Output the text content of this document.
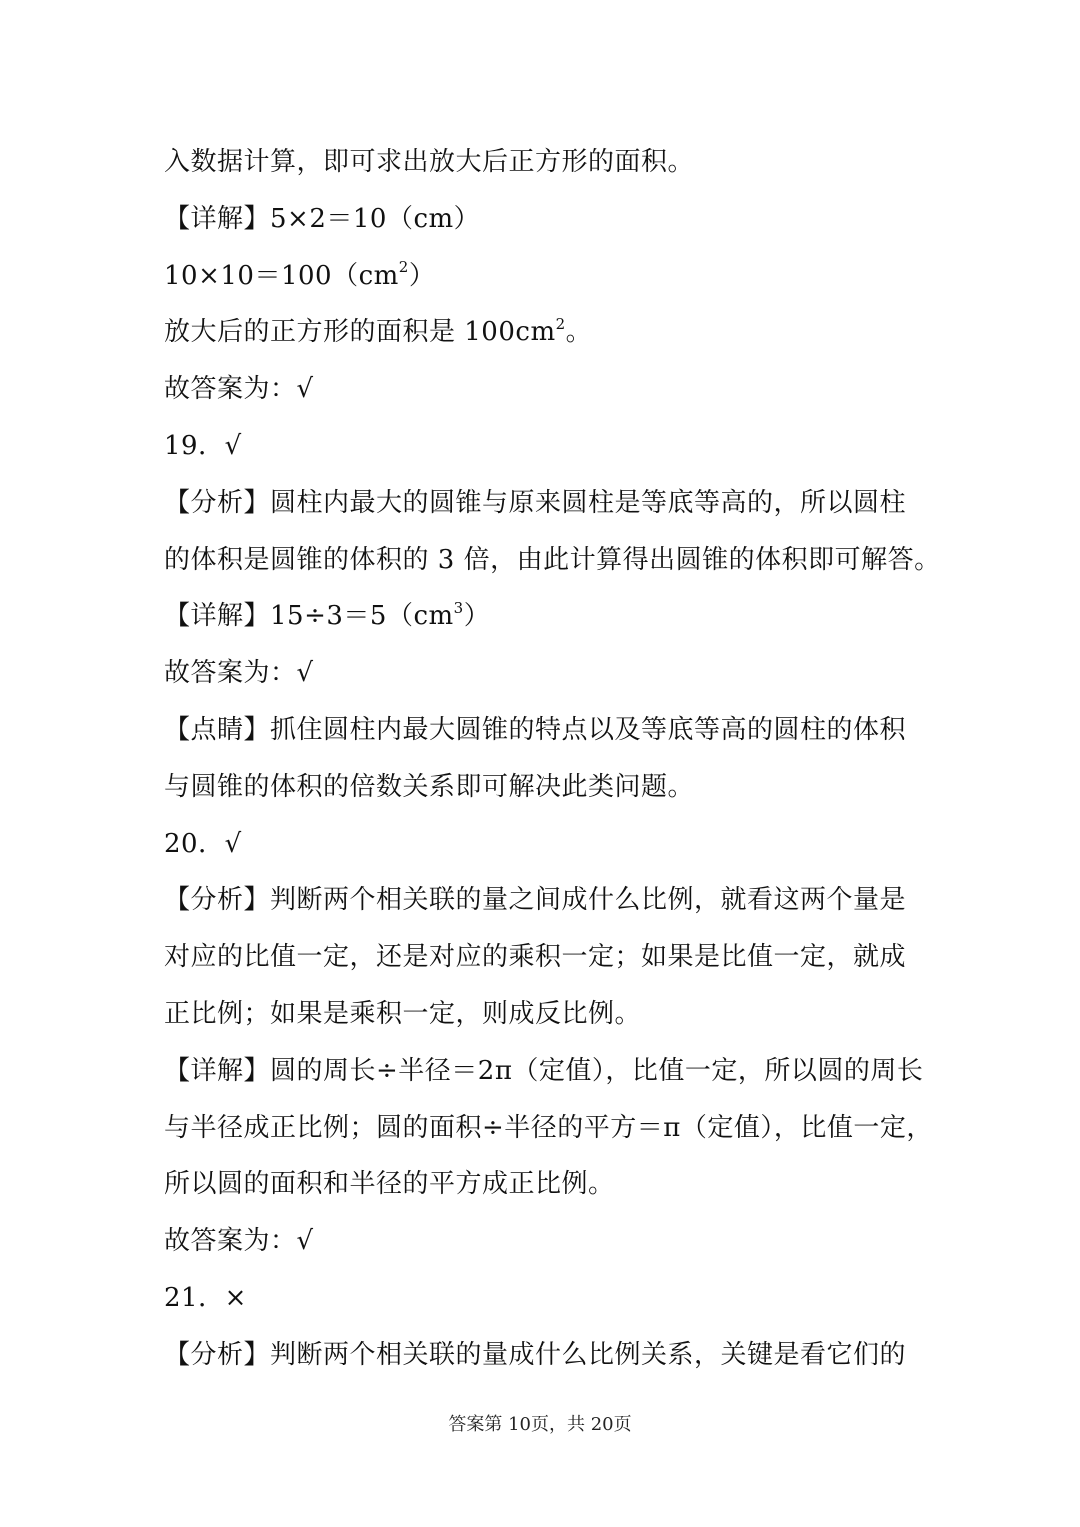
入数据计算，即可求出放大后正方形的面积。
【详解】5×2＝10（cm）
$10\times 10=100(cm^2)$
放大后的正方形的面积是 $100cm^2$。
故答案为：√
19．√
【分析】圆柱内最大的圆锥与原来圆柱是等底等高的，所以圆柱
的体积是圆锥的体积的 3 倍，由此计算得出圆锥的体积即可解答。
【详解】$15\div 3=5(cm^3)$
故答案为：√
【点睛】抓住圆柱内最大圆锥的特点以及等底等高的圆柱的体积
与圆锥的体积的倍数关系即可解决此类问题。
20．√
【分析】判断两个相关联的量之间成什么比例，就看这两个量是
对应的比值一定，还是对应的乘积一定；如果是比值一定，就成
正比例；如果是乘积一定，则成反比例。
【详解】圆的周长÷半径＝2π（定值），比值一定，所以圆的周长
与半径成正比例；圆的面积÷半径的平方＝π（定值），比值一定，
所以圆的面积和半径的平方成正比例。
故答案为：√
21．×
【分析】判断两个相关联的量成什么比例关系，关键是看它们的
答案第 10页，共 20页
